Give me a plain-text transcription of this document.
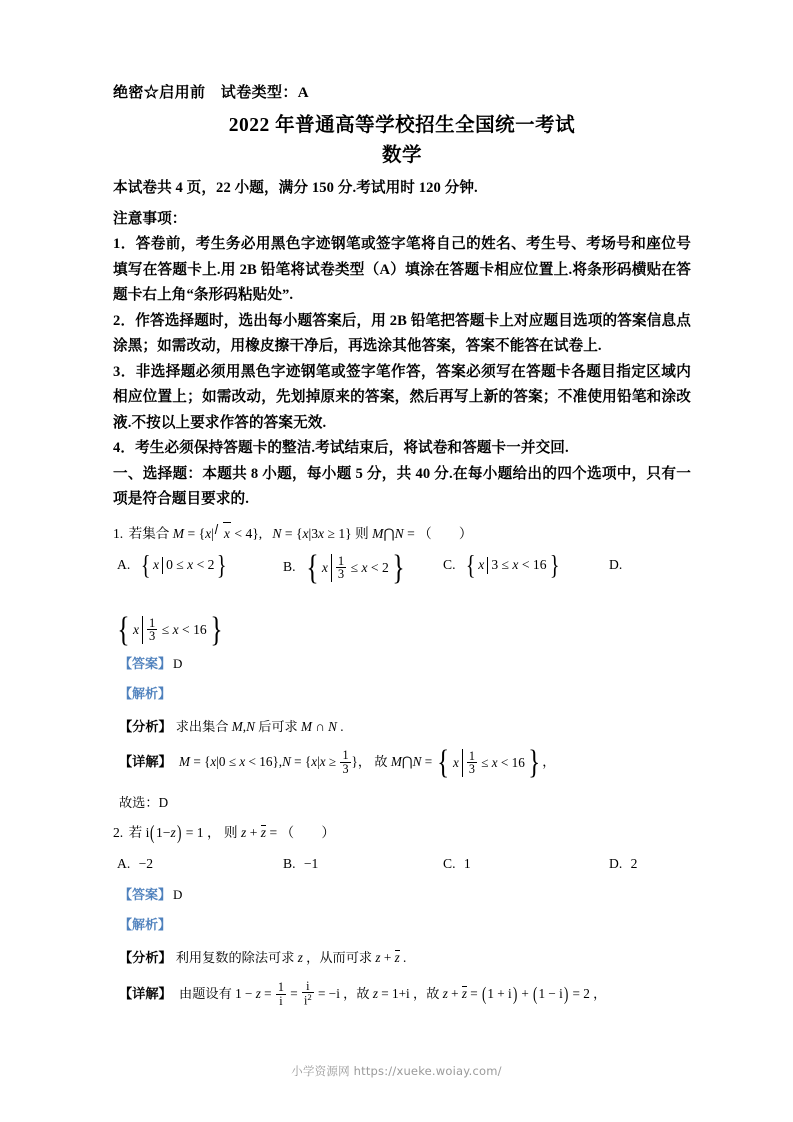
绝密☆启用前　试卷类型：A
2022 年普通高等学校招生全国统一考试
数学
本试卷共 4 页，22 小题，满分 150 分.考试用时 120 分钟.
注意事项：
1．答卷前，考生务必用黑色字迹钢笔或签字笔将自己的姓名、考生号、考场号和座位号填写在答题卡上.用 2B 铅笔将试卷类型（A）填涂在答题卡相应位置上.将条形码横贴在答题卡右上角“条形码粘贴处”.
2．作答选择题时，选出每小题答案后，用 2B 铅笔把答题卡上对应题目选项的答案信息点涂黑；如需改动，用橡皮擦干净后，再选涂其他答案，答案不能答在试卷上.
3．非选择题必须用黑色字迹钢笔或签字笔作答，答案必须写在答题卡各题目指定区域内相应位置上；如需改动，先划掉原来的答案，然后再写上新的答案；不准使用铅笔和涂改液.不按以上要求作答的答案无效.
4．考生必须保持答题卡的整洁.考试结束后，将试卷和答题卡一并交回.
一、选择题：本题共 8 小题，每小题 5 分，共 40 分.在每小题给出的四个选项中，只有一项是符合题目要求的.
1. 若集合 M = {x| x < 4},   N = {x|3x ≥ 1} 则 M⋂N = （　　）
A. { x 0
≤
x
<
2 }	B. { x $\frac{1}{3}$
≤
x
<
2 }	C. { x 3
≤
x
<
16 }	D.
{ x $\frac{1}{3}$
≤
x
<
16 }
【答案】 D
【解析】
【分析】 求出集合 M,N 后可求 M ∩ N .
【详解】 $M = \{x|0 \le x < 16\},N = \{x|x \ge \frac{1}{3}$ }， 故 M⋂N = { x $\frac{1}{3}$
≤
x
<
16 } ，
故选：D
2. 若 i(1−z) = 1 ， 则 z + z = （　　）
A. −2	B. −1	C. 1	D. 2
【答案】 D
【解析】
【分析】 利用复数的除法可求 z ，从而可求 z + z .
【详解】 由题设有 $1 - z = \frac{1}{i} = \frac{i}{i^2} = -i$ ，故 z = 1+i ，故 z + z = (1 + i) + (1 − i) = 2 ，
小学资源网 https://xueke.woiay.com/
